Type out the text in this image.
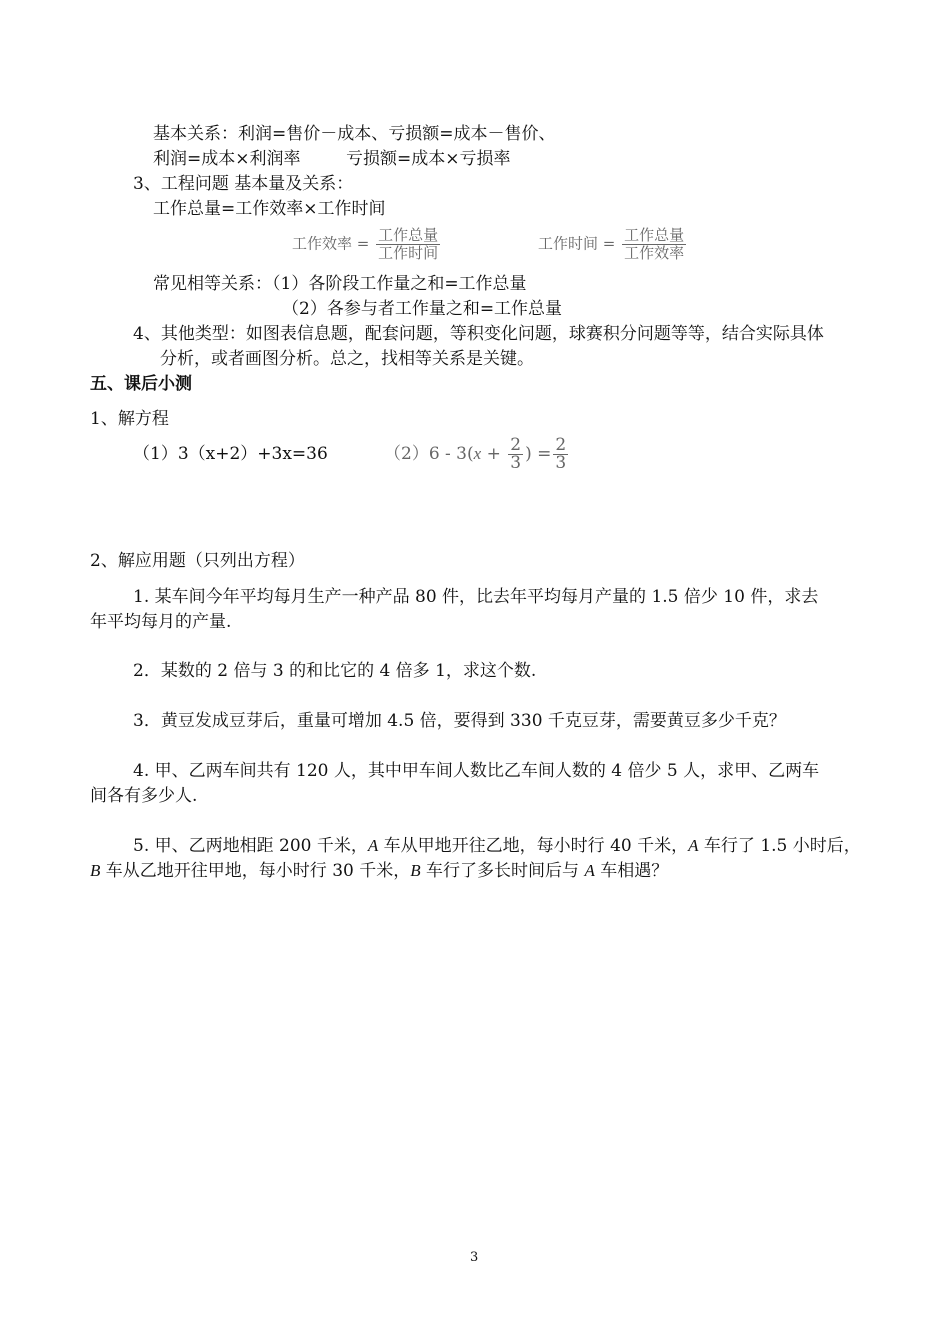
基本关系：利润=售价－成本、亏损额=成本－售价、
利润=成本×利润率	亏损额=成本×亏损率
3、工程问题 基本量及关系：
工作总量=工作效率×工作时间
工作效率 = $\frac{\text{工作总量}}{\text{工作时间}}$	工作时间 = $\frac{\text{工作总量}}{\text{工作效率}}$
常见相等关系：（1）各阶段工作量之和=工作总量
（2）各参与者工作量之和=工作总量
4、其他类型：如图表信息题，配套问题，等积变化问题，球赛积分问题等等，结合实际具体
分析，或者画图分析。总之，找相等关系是关键。
五、课后小测
1、解方程
（1）3（x+2）+3x=36	$(2)6 - 3(x + \frac{2}{3}$ ) = $\frac{2}{3}$
2、解应用题（只列出方程）
1. 某车间今年平均每月生产一种产品 80 件，比去年平均每月产量的 1.5 倍少 10 件，求去
年平均每月的产量.
2．某数的 2 倍与 3 的和比它的 4 倍多 1，求这个数.
3．黄豆发成豆芽后，重量可增加 4.5 倍，要得到 330 千克豆芽，需要黄豆多少千克？
4. 甲、乙两车间共有 120 人，其中甲车间人数比乙车间人数的 4 倍少 5 人，求甲、乙两车
间各有多少人.
5. 甲、乙两地相距 200 千米，A 车从甲地开往乙地，每小时行 40 千米，A 车行了 1.5 小时后，
B 车从乙地开往甲地，每小时行 30 千米，B 车行了多长时间后与 A 车相遇？
3
